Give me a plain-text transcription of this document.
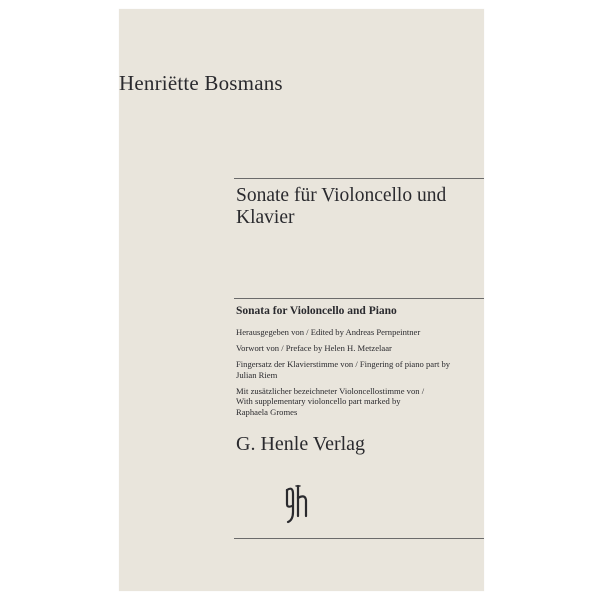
Henriëtte Bosmans
Sonate für Violoncello und
Klavier
Sonata for Violoncello and Piano

Herausgegeben von / Edited by Andreas Pernpeintner

Vorwort von / Preface by Helen H. Metzelaar

Fingersatz der Klavierstimme von / Fingering of piano part by
Julian Riem

Mit zusätzlicher bezeichneter Violoncellostimme von /
With supplementary violoncello part marked by
Raphaela Gromes

G. Henle Verlag
